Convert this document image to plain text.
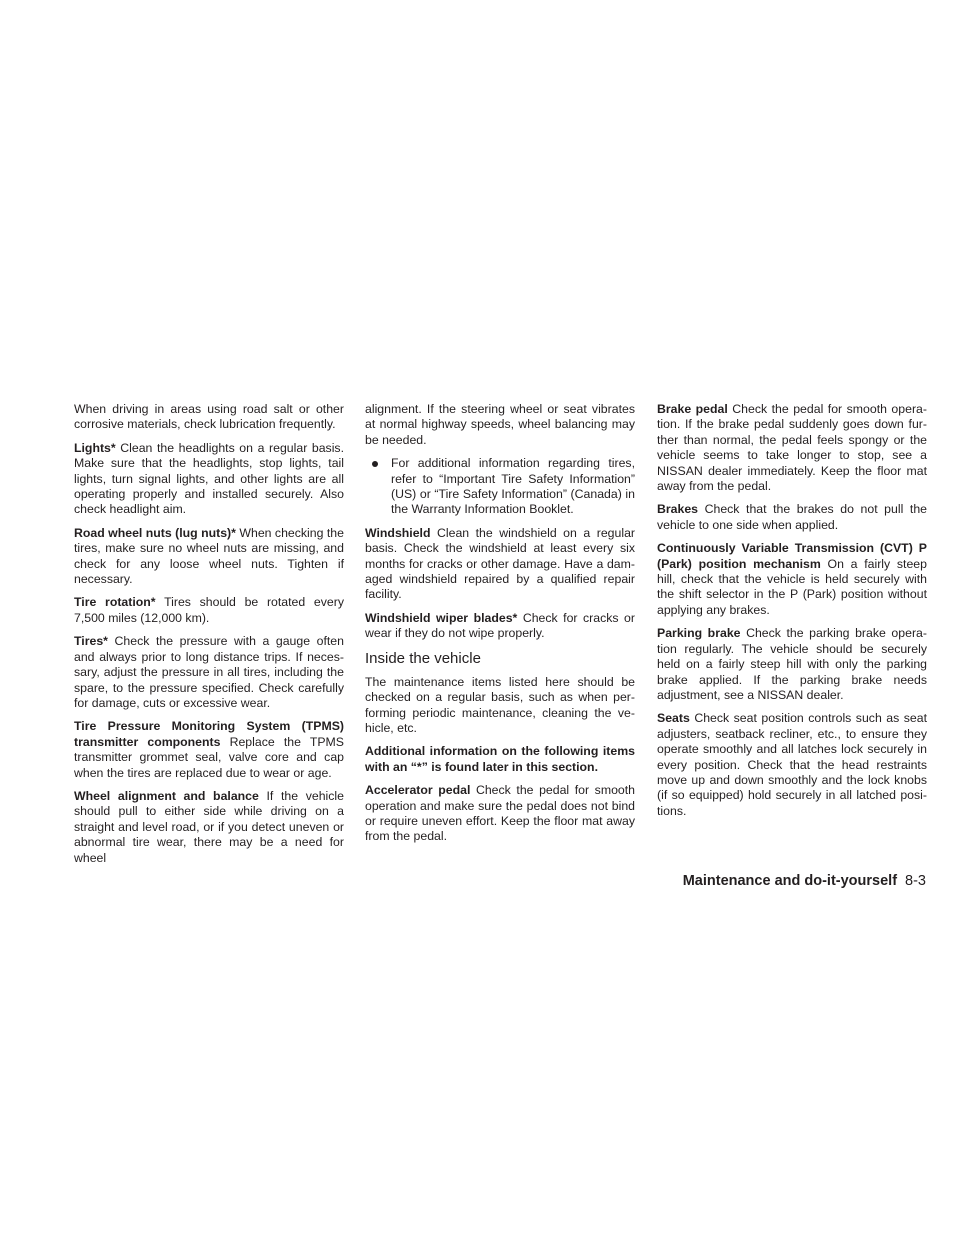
When driving in areas using road salt or other corrosive materials, check lubrication frequently.

Lights* Clean the headlights on a regular basis. Make sure that the headlights, stop lights, tail lights, turn signal lights, and other lights are all operating properly and installed securely. Also check headlight aim.

Road wheel nuts (lug nuts)* When checking the tires, make sure no wheel nuts are missing, and check for any loose wheel nuts. Tighten if necessary.

Tire rotation* Tires should be rotated every 7,500 miles (12,000 km).

Tires* Check the pressure with a gauge often and always prior to long distance trips. If necessary, adjust the pressure in all tires, including the spare, to the pressure specified. Check carefully for damage, cuts or excessive wear.

Tire Pressure Monitoring System (TPMS) transmitter components Replace the TPMS transmitter grommet seal, valve core and cap when the tires are replaced due to wear or age.

Wheel alignment and balance If the vehicle should pull to either side while driving on a straight and level road, or if you detect uneven or abnormal tire wear, there may be a need for wheel

alignment. If the steering wheel or seat vibrates at normal highway speeds, wheel balancing may be needed.

For additional information regarding tires, refer to “Important Tire Safety Information” (US) or “Tire Safety Information” (Canada) in the Warranty Information Booklet.

Windshield Clean the windshield on a regular basis. Check the windshield at least every six months for cracks or other damage. Have a damaged windshield repaired by a qualified repair facility.

Windshield wiper blades* Check for cracks or wear if they do not wipe properly.

Inside the vehicle

The maintenance items listed here should be checked on a regular basis, such as when performing periodic maintenance, cleaning the vehicle, etc.

Additional information on the following items with an “*” is found later in this section.

Accelerator pedal Check the pedal for smooth operation and make sure the pedal does not bind or require uneven effort. Keep the floor mat away from the pedal.

Brake pedal Check the pedal for smooth operation. If the brake pedal suddenly goes down further than normal, the pedal feels spongy or the vehicle seems to take longer to stop, see a NISSAN dealer immediately. Keep the floor mat away from the pedal.

Brakes Check that the brakes do not pull the vehicle to one side when applied.

Continuously Variable Transmission (CVT) P (Park) position mechanism On a fairly steep hill, check that the vehicle is held securely with the shift selector in the P (Park) position without applying any brakes.

Parking brake Check the parking brake operation regularly. The vehicle should be securely held on a fairly steep hill with only the parking brake applied. If the parking brake needs adjustment, see a NISSAN dealer.

Seats Check seat position controls such as seat adjusters, seatback recliner, etc., to ensure they operate smoothly and all latches lock securely in every position. Check that the head restraints move up and down smoothly and the lock knobs (if so equipped) hold securely in all latched positions.

Maintenance and do-it-yourself 8-3
